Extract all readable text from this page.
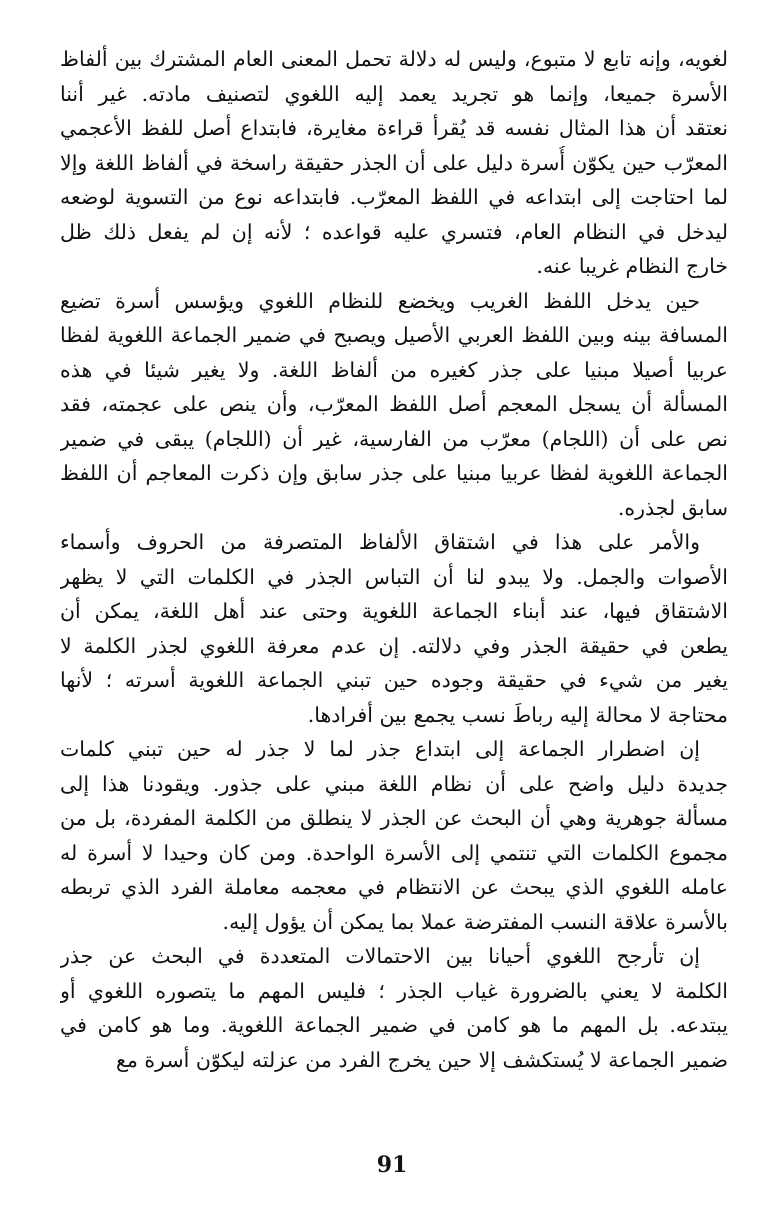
لغويه، وإنه تابع لا متبوع، وليس له دلالة تحمل المعنى العام المشترك بين ألفاظ
الأسرة جميعا، وإنما هو تجريد يعمد إليه اللغوي لتصنيف مادته. غير أننا
نعتقد أن هذا المثال نفسه قد يُقرأ قراءة مغايرة، فابتداع أصل للفظ الأعجمي
المعرّب حين يكوّن أُسرة دليل على أن الجذر حقيقة راسخة في ألفاظ اللغة وإلا
لما احتاجت إلى ابتداعه في اللفظ المعرّب. فابتداعه نوع من التسوية لوضعه
ليدخل في النظام العام، فتسري عليه قواعده ؛ لأنه إن لم يفعل ذلك ظل
خارج النظام غريبا عنه.
حين يدخل اللفظ الغريب ويخضع للنظام اللغوي ويؤسس أسرة تضيع
المسافة بينه وبين اللفظ العربي الأصيل ويصبح في ضمير الجماعة اللغوية لفظا
عربيا أصيلا مبنيا على جذر كغيره من ألفاظ اللغة. ولا يغير شيئا في هذه
المسألة أن يسجل المعجم أصل اللفظ المعرّب، وأن ينص على عجمته، فقد
نص على أن (اللجام) معرّب من الفارسية، غير أن (اللجام) يبقى في ضمير
الجماعة اللغوية لفظا عربيا مبنيا على جذر سابق وإن ذكرت المعاجم أن اللفظ
سابق لجذره.
والأمر على هذا في اشتقاق الألفاظ المتصرفة من الحروف وأسماء
الأصوات والجمل. ولا يبدو لنا أن التباس الجذر في الكلمات التي لا يظهر
الاشتقاق فيها، عند أبناء الجماعة اللغوية وحتى عند أهل اللغة، يمكن أن
يطعن في حقيقة الجذر وفي دلالته. إن عدم معرفة اللغوي لجذر الكلمة لا
يغير من شيء في حقيقة وجوده حين تبني الجماعة اللغوية أسرته ؛ لأنها
محتاجة لا محالة إليه رباطَ نسب يجمع بين أفرادها.
إن اضطرار الجماعة إلى ابتداع جذر لما لا جذر له حين تبني كلمات
جديدة دليل واضح على أن نظام اللغة مبني على جذور. ويقودنا هذا إلى
مسألة جوهرية وهي أن البحث عن الجذر لا ينطلق من الكلمة المفردة، بل من
مجموع الكلمات التي تنتمي إلى الأسرة الواحدة. ومن كان وحيدا لا أسرة له
عامله اللغوي الذي يبحث عن الانتظام في معجمه معاملة الفرد الذي تربطه
بالأسرة علاقة النسب المفترضة عملا بما يمكن أن يؤول إليه.
إن تأرجح اللغوي أحيانا بين الاحتمالات المتعددة في البحث عن جذر
الكلمة لا يعني بالضرورة غياب الجذر ؛ فليس المهم ما يتصوره اللغوي أو
يبتدعه. بل المهم ما هو كامن في ضمير الجماعة اللغوية. وما هو كامن في
ضمير الجماعة لا يُستكشف إلا حين يخرج الفرد من عزلته ليكوّن أسرة مع
91
